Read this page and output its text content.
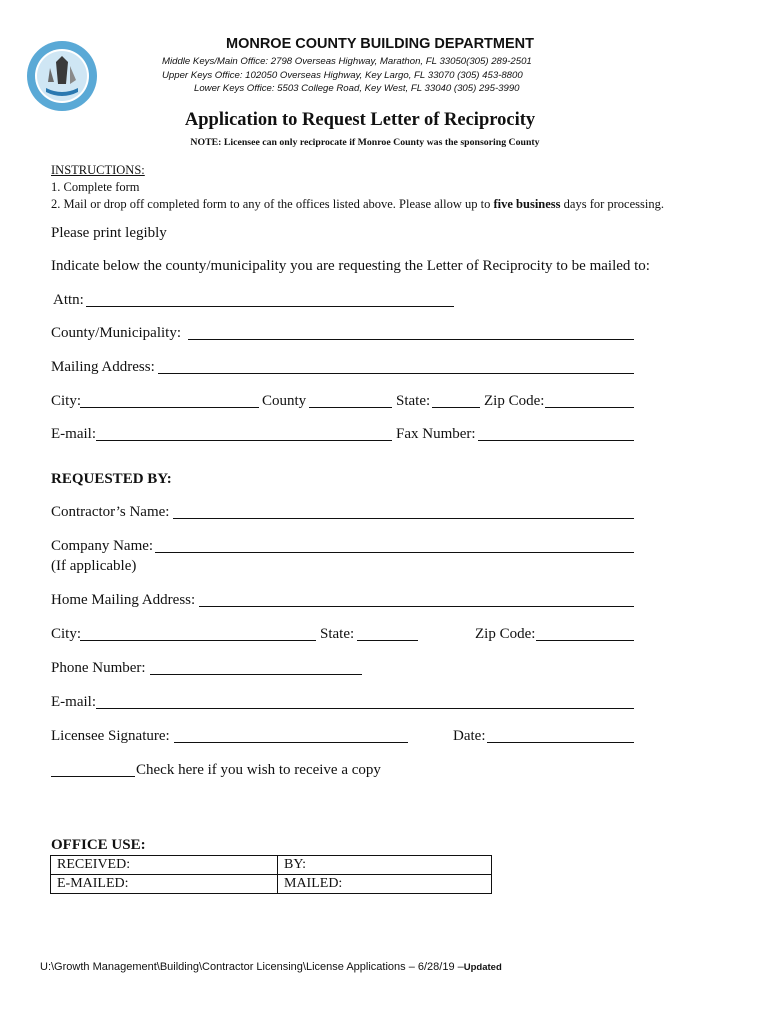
MONROE COUNTY BUILDING DEPARTMENT
Middle Keys/Main Office: 2798 Overseas Highway, Marathon, FL 33050(305) 289-2501
Upper Keys Office: 102050 Overseas Highway, Key Largo, FL 33070 (305) 453-8800
Lower Keys Office: 5503 College Road, Key West, FL 33040 (305) 295-3990
Application to Request Letter of Reciprocity
NOTE: Licensee can only reciprocate if Monroe County was the sponsoring County
INSTRUCTIONS:
1. Complete form
2. Mail or drop off completed form to any of the offices listed above. Please allow up to five business days for processing.
Please print legibly
Indicate below the county/municipality you are requesting the Letter of Reciprocity to be mailed to:
Attn:
County/Municipality:
Mailing Address:
City:	County	State:	Zip Code:
E-mail:	Fax Number:
REQUESTED BY:
Contractor’s Name:
Company Name:
(If applicable)
Home Mailing Address:
City:	State:	Zip Code:
Phone Number:
E-mail:
Licensee Signature:	Date:
Check here if you wish to receive a copy
OFFICE USE:
RECEIVED:	BY:
E-MAILED:	MAILED:
U:\Growth Management\Building\Contractor Licensing\License Applications – 6/28/19 –Updated
